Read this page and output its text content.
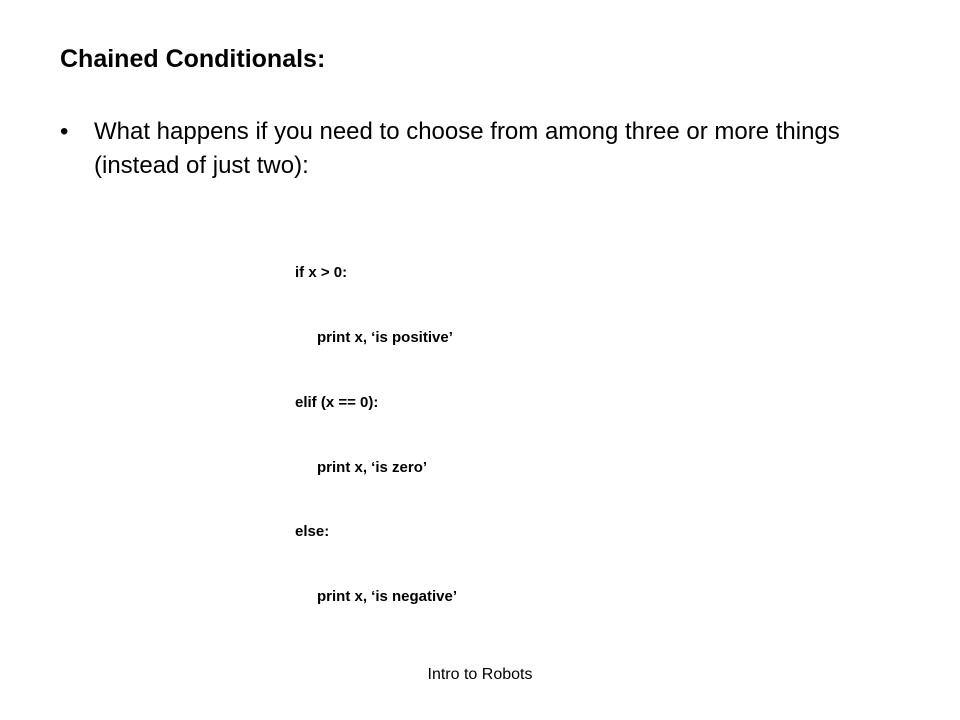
Chained Conditionals:
• What happens if you need to choose from among three or more things (instead of just two):

if x > 0:

print x, ‘is positive’

elif (x == 0):

print x, ‘is zero’

else:

print x, ‘is negative’

Intro to Robots
